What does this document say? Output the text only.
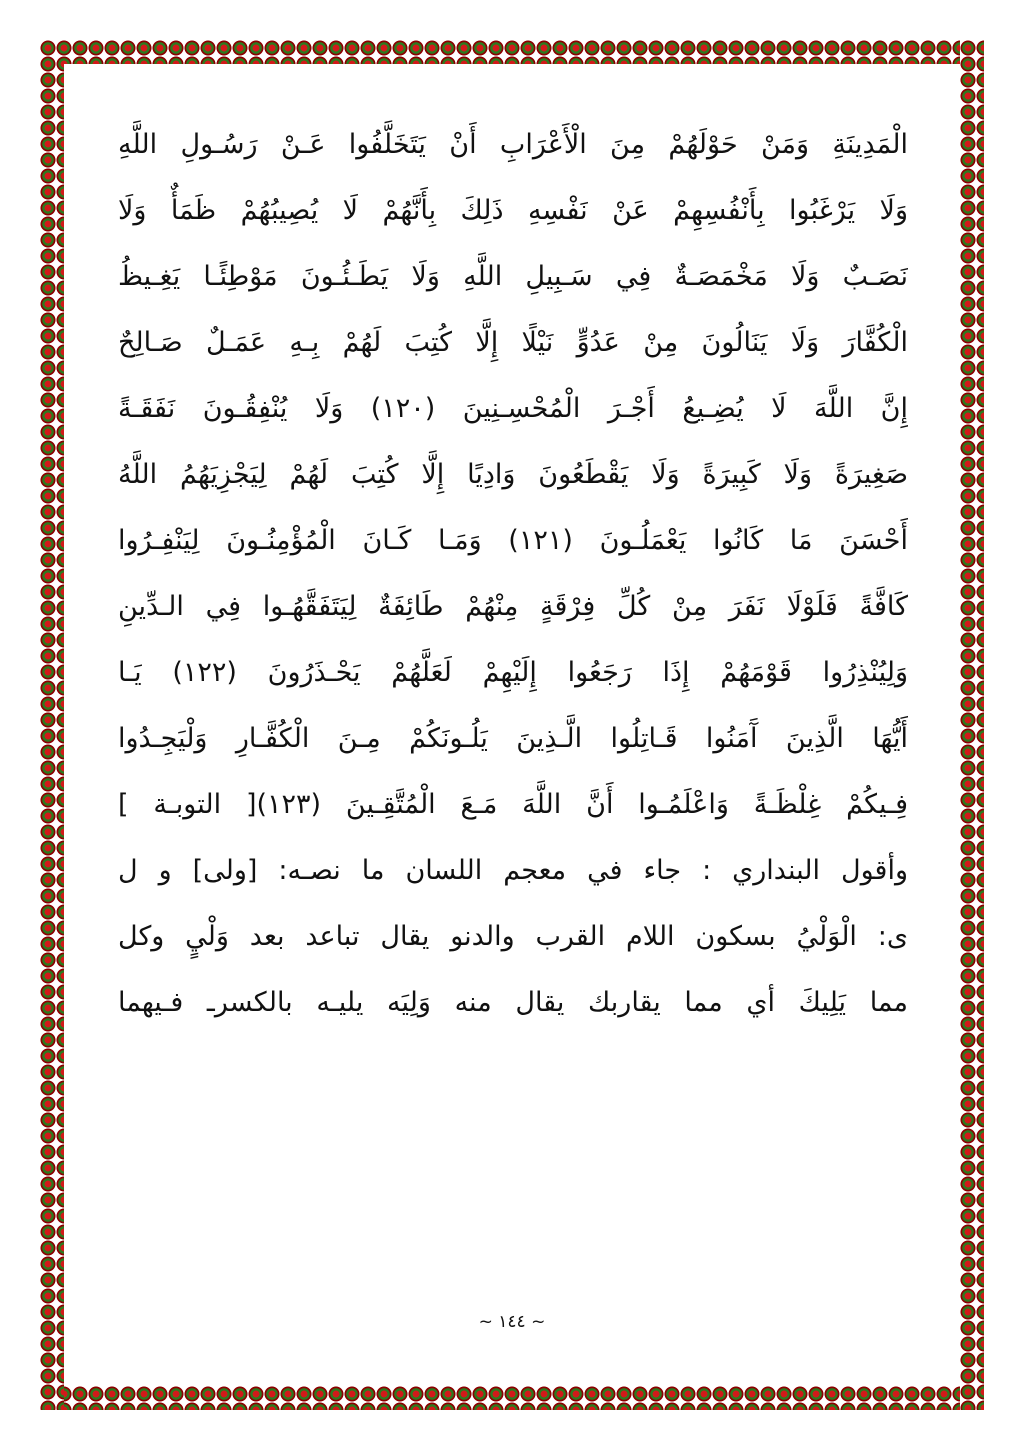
الْمَدِينَةِ وَمَنْ حَوْلَهُمْ مِنَ الْأَعْرَابِ أَنْ يَتَخَلَّفُوا عَـنْ رَسُـولِ اللَّهِ
وَلَا يَرْغَبُوا بِأَنْفُسِهِمْ عَنْ نَفْسِهِ ذَلِكَ بِأَنَّهُمْ لَا يُصِيبُهُمْ ظَمَأٌ وَلَا
نَصَـبٌ وَلَا مَخْمَصَـةٌ فِي سَـبِيلِ اللَّهِ وَلَا يَطَـئُـونَ مَوْطِئًـا يَغِـيظُ
الْكُفَّارَ وَلَا يَنَالُونَ مِنْ عَدُوٍّ نَيْلًا إِلَّا كُتِبَ لَهُمْ بِـهِ عَمَـلٌ صَـالِحٌ
إِنَّ اللَّهَ لَا يُضِـيعُ أَجْـرَ الْمُحْسِـنِينَ (١٢٠) وَلَا يُنْفِقُـونَ نَفَقَـةً
صَغِيرَةً وَلَا كَبِيرَةً وَلَا يَقْطَعُونَ وَادِيًا إِلَّا كُتِبَ لَهُمْ لِيَجْزِيَهُمُ اللَّهُ
أَحْسَنَ مَا كَانُوا يَعْمَلُـونَ (١٢١) وَمَـا كَـانَ الْمُؤْمِنُـونَ لِيَنْفِـرُوا
كَافَّةً فَلَوْلَا نَفَرَ مِنْ كُلِّ فِرْقَةٍ مِنْهُمْ طَائِفَةٌ لِيَتَفَقَّهُـوا فِي الـدِّينِ
وَلِيُنْذِرُوا قَوْمَهُمْ إِذَا رَجَعُوا إِلَيْهِمْ لَعَلَّهُمْ يَحْـذَرُونَ (١٢٢) يَـا
أَيُّهَا الَّذِينَ آَمَنُوا قَـاتِلُوا الَّـذِينَ يَلُـونَكُمْ مِـنَ الْكُفَّـارِ وَلْيَجِـدُوا
فِـيكُمْ غِلْظَـةً وَاعْلَمُـوا أَنَّ اللَّهَ مَـعَ الْمُتَّقِـينَ (١٢٣)[ التوبـة ]
وأقول البنداري : جاء في معجم اللسان ما نصـه: [ولى] و ل
ى: الْوَلْيُ بسكون اللام القرب والدنو يقال تباعد بعد وَلْيٍ وكل
مما يَلِيكَ أي مما يقاربك يقال منه وَلِيَه يليـه بالكسرـ فـيهما
~ ١٤٤ ~
